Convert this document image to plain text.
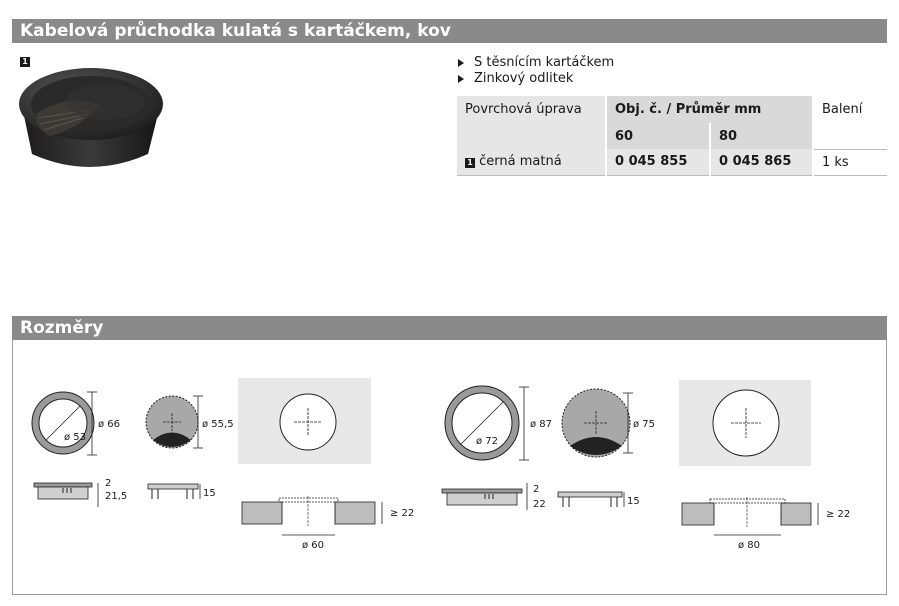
Kabelová průchodka kulatá s kartáčkem, kov
1	S těsnícím kartáčkem
Zinkový odlitek
Povrchová úprava	Obj. č. / Průměr mm		Balení
	60	80	
1 černá matná	0 045 855	0 045 865	1 ks
Rozměry
ø 53
ø 66	ø 55,5
2
21,5	15
≥ 22
ø 60
ø 72
ø 87	ø 75
2
22	15
≥ 22
ø 80
